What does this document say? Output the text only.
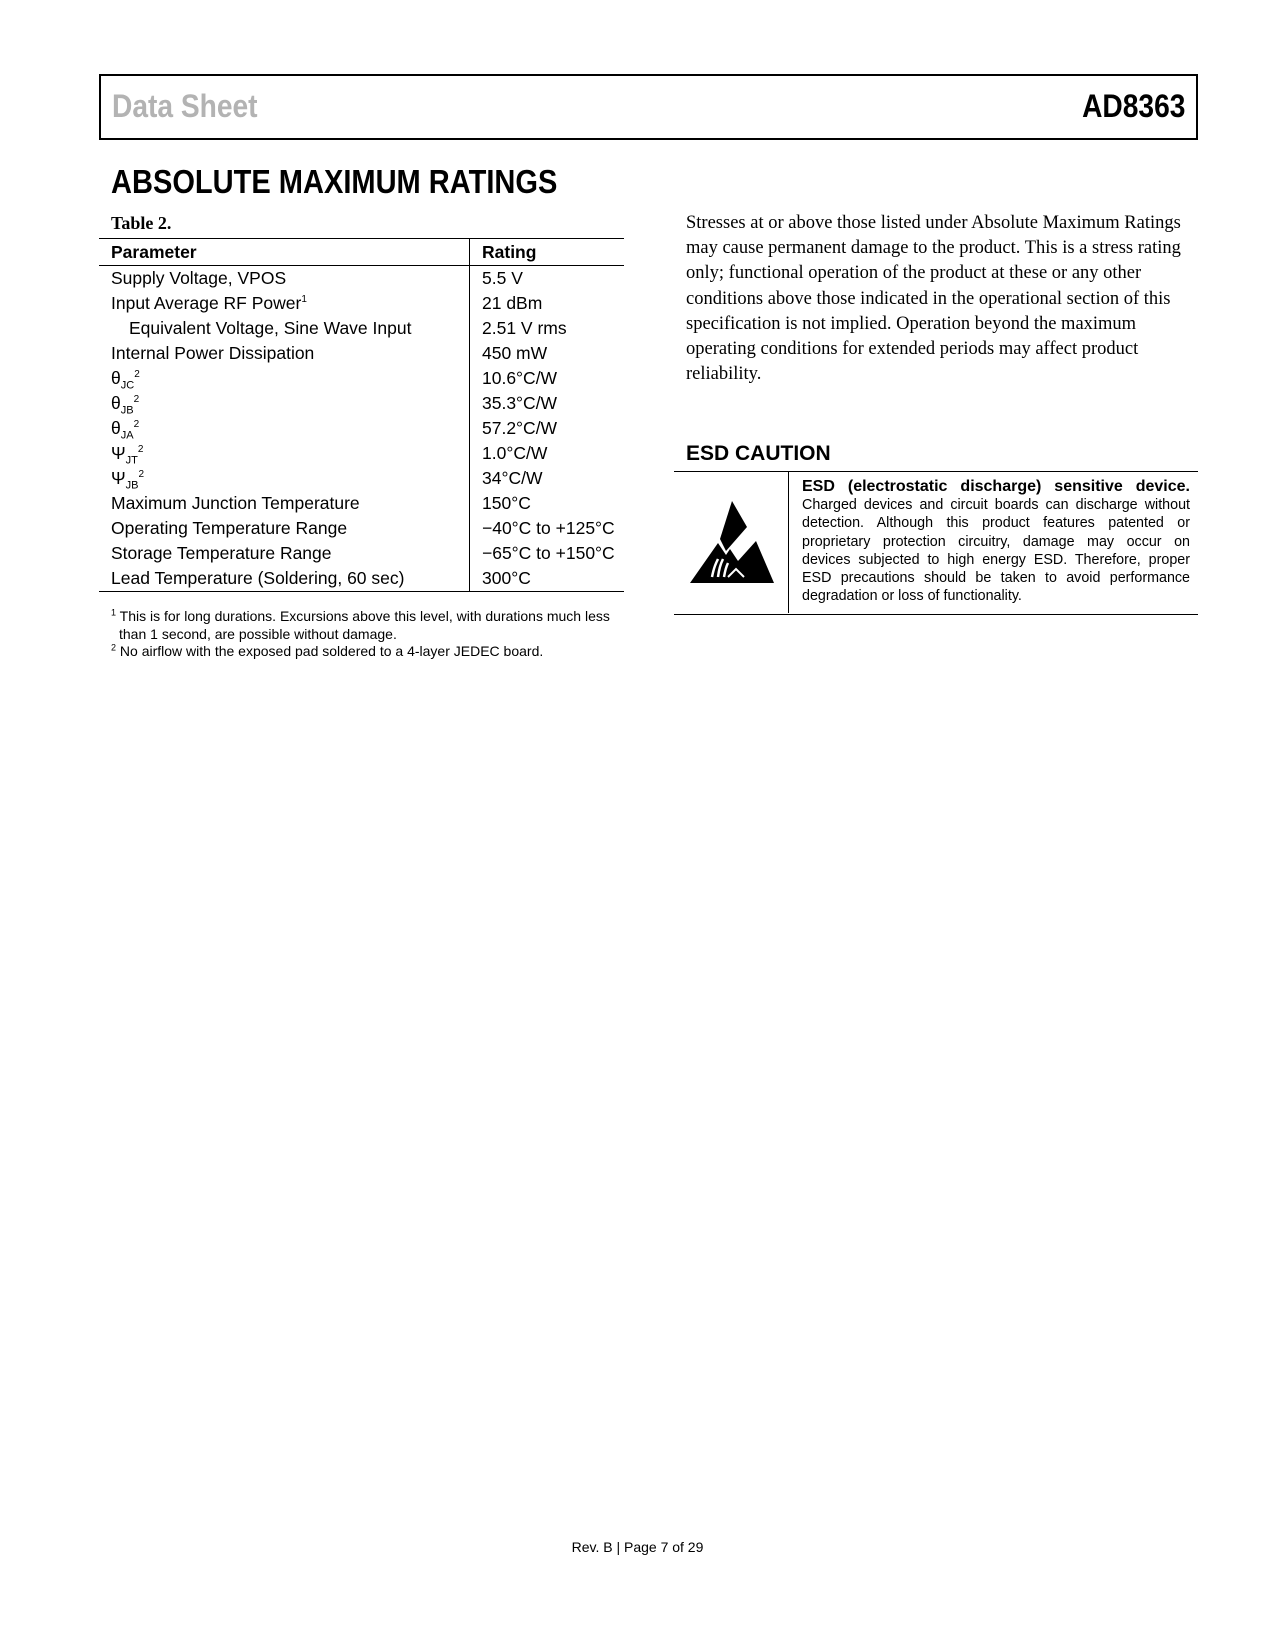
Data Sheet	AD8363
ABSOLUTE MAXIMUM RATINGS
Table 2.
Parameter	Rating
Supply Voltage, VPOS	5.5 V
Input Average RF Power$^1$	21 dBm
Equivalent Voltage, Sine Wave Input	2.51 V rms
Internal Power Dissipation	450 mW
$\theta_{JC}^2$	10.6°C/W
$\theta_{JB}^2$	35.3°C/W
$\theta_{JA}^2$	57.2°C/W
$\Psi_{JT}^2$	1.0°C/W
$\Psi_{JB}^2$	34°C/W
Maximum Junction Temperature	150°C
Operating Temperature Range	−40°C to +125°C
Storage Temperature Range	−65°C to +150°C
Lead Temperature (Soldering, 60 sec)	300°C
$^1$ This is for long durations. Excursions above this level, with durations much less than 1 second, are possible without damage.
$^2$ No airflow with the exposed pad soldered to a 4-layer JEDEC board.
Stresses at or above those listed under Absolute Maximum Ratings may cause permanent damage to the product. This is a stress rating only; functional operation of the product at these or any other conditions above those indicated in the operational section of this specification is not implied. Operation beyond the maximum operating conditions for extended periods may affect product reliability.
ESD CAUTION
ESD (electrostatic discharge) sensitive device. Charged devices and circuit boards can discharge without detection. Although this product features patented or proprietary protection circuitry, damage may occur on devices subjected to high energy ESD. Therefore, proper ESD precautions should be taken to avoid performance degradation or loss of functionality.
Rev. B | Page 7 of 29
